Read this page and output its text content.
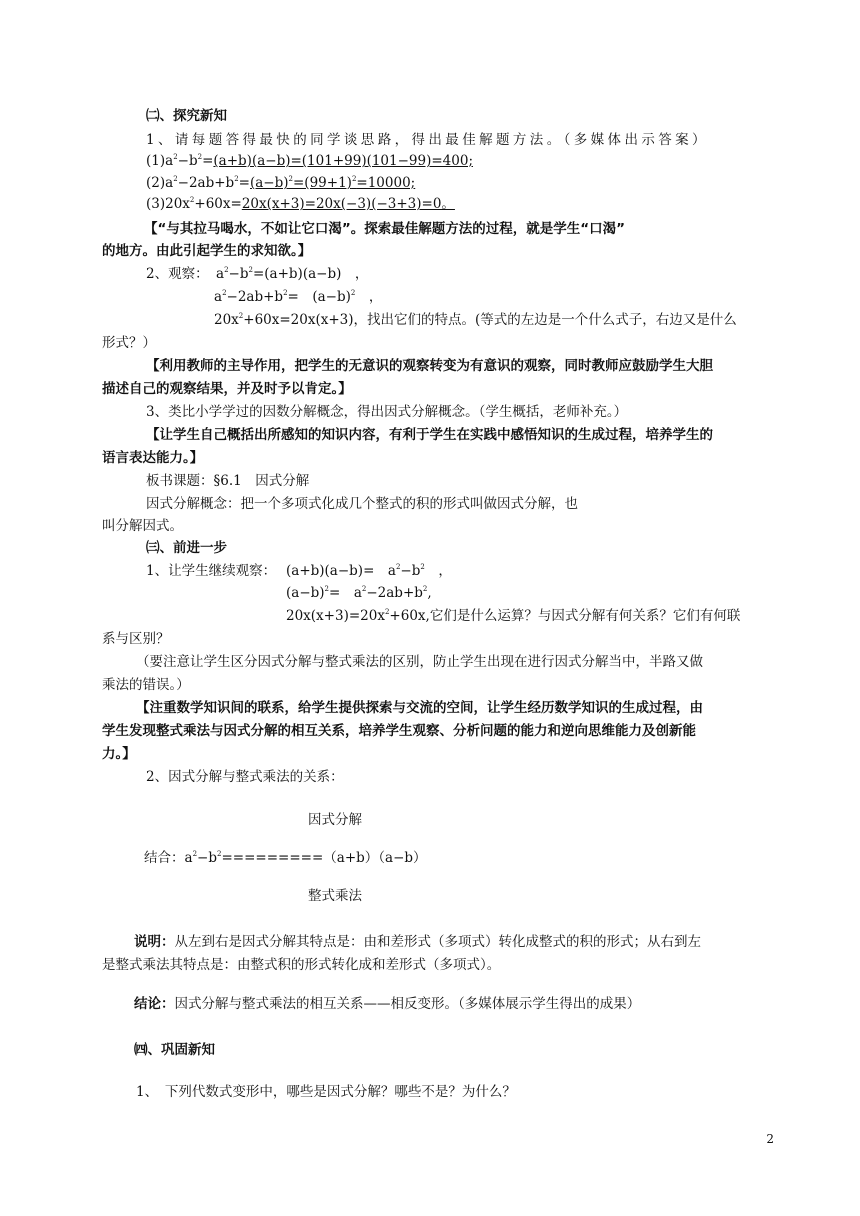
㈡、探究新知
1、请每题答得最快的同学谈思路，得出最佳解题方法。（多媒体出示答案）
$(1)a^2-b^2=(a+b)(a-b)=(101+99)(101-99)=400$;
$(2)a^2-2ab+b^2=(a-b)^2=(99+1)^2=10000$;
$(3)20x^2+60x=20x(x+3)=20x(-3)(-3+3)=0$。
【“与其拉马喝水，不如让它口渴”。探索最佳解题方法的过程，就是学生“口渴”
的地方。由此引起学生的求知欲。】
2、观察： $a^2-b^2=(a+b)(a-b)$　，
$a^2-2ab+b^2=$　$(a-b)^2$　，
$20x^2+60x=20x(x+3)$，找出它们的特点。(等式的左边是一个什么式子，右边又是什么
形式？）
【利用教师的主导作用，把学生的无意识的观察转变为有意识的观察，同时教师应鼓励学生大胆
描述自己的观察结果，并及时予以肯定。】
3、类比小学学过的因数分解概念，得出因式分解概念。（学生概括，老师补充。）
【让学生自己概括出所感知的知识内容，有利于学生在实践中感悟知识的生成过程，培养学生的
语言表达能力。】
板书课题：§6.1　因式分解
因式分解概念：把一个多项式化成几个整式的积的形式叫做因式分解，也
叫分解因式。
㈢、前进一步
1、让学生继续观察： (a+b)(a−b)=　$a^2-b^2$　，
$(a-b)^2=$　$a^2-2ab+b^2$,
$20x(x+3)=20x^2+60x$,它们是什么运算？与因式分解有何关系？它们有何联
系与区别？
（要注意让学生区分因式分解与整式乘法的区别，防止学生出现在进行因式分解当中，半路又做
乘法的错误。）
【注重数学知识间的联系，给学生提供探索与交流的空间，让学生经历数学知识的生成过程，由
学生发现整式乘法与因式分解的相互关系，培养学生观察、分析问题的能力和逆向思维能力及创新能
力。】
2、因式分解与整式乘法的关系：
因式分解
结合：$a^2-b^2=========(a+b)(a-b)$
整式乘法
说明：从左到右是因式分解其特点是：由和差形式（多项式）转化成整式的积的形式；从右到左
是整式乘法其特点是：由整式积的形式转化成和差形式（多项式）。
结论：因式分解与整式乘法的相互关系——相反变形。（多媒体展示学生得出的成果）
㈣、巩固新知
1、　下列代数式变形中，哪些是因式分解？哪些不是？为什么？
2
